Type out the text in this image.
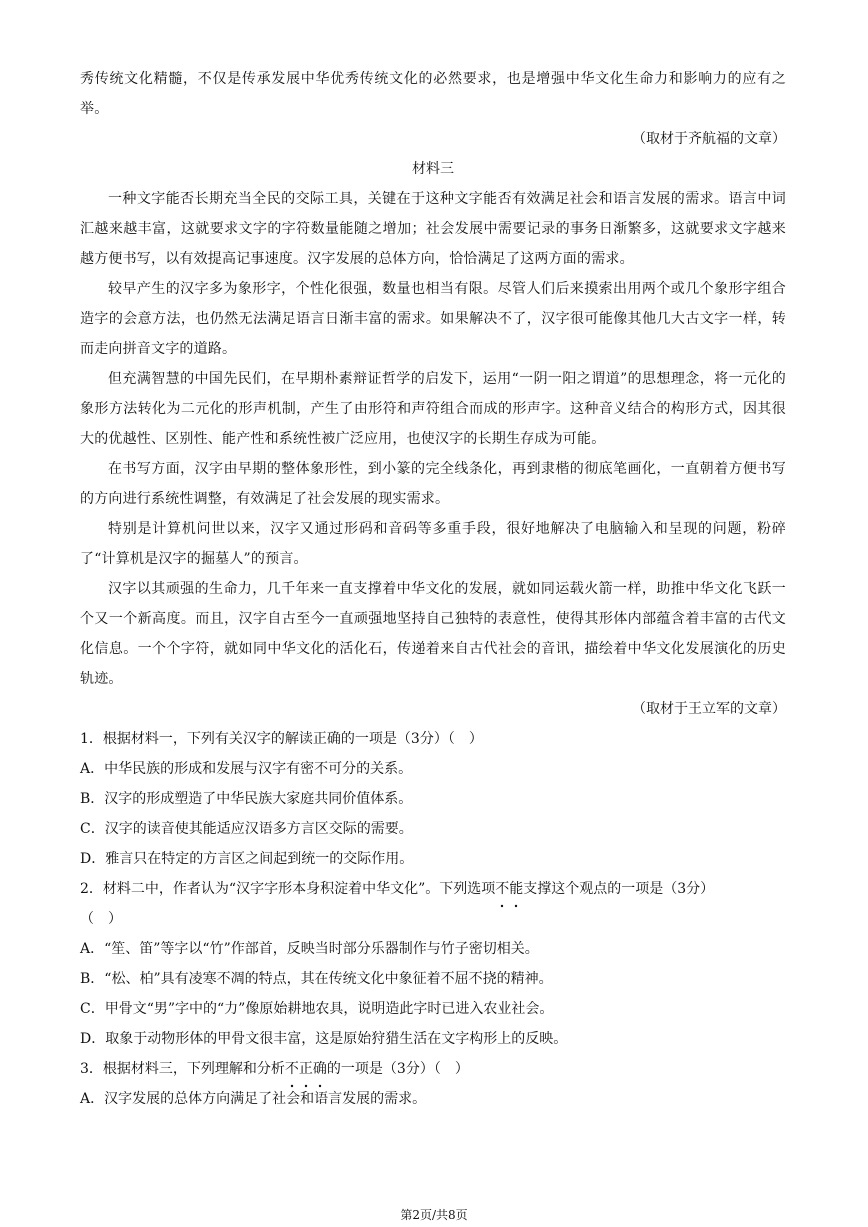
秀传统文化精髓，不仅是传承发展中华优秀传统文化的必然要求，也是增强中华文化生命力和影响力的应有之举。

（取材于齐航福的文章）

材料三

一种文字能否长期充当全民的交际工具，关键在于这种文字能否有效满足社会和语言发展的需求。语言中词汇越来越丰富，这就要求文字的字符数量能随之增加；社会发展中需要记录的事务日渐繁多，这就要求文字越来越方便书写，以有效提高记事速度。汉字发展的总体方向，恰恰满足了这两方面的需求。

较早产生的汉字多为象形字，个性化很强，数量也相当有限。尽管人们后来摸索出用两个或几个象形字组合造字的会意方法，也仍然无法满足语言日渐丰富的需求。如果解决不了，汉字很可能像其他几大古文字一样，转而走向拼音文字的道路。

但充满智慧的中国先民们，在早期朴素辩证哲学的启发下，运用“一阴一阳之谓道”的思想理念，将一元化的象形方法转化为二元化的形声机制，产生了由形符和声符组合而成的形声字。这种音义结合的构形方式，因其很大的优越性、区别性、能产性和系统性被广泛应用，也使汉字的长期生存成为可能。

在书写方面，汉字由早期的整体象形性，到小篆的完全线条化，再到隶楷的彻底笔画化，一直朝着方便书写的方向进行系统性调整，有效满足了社会发展的现实需求。

特别是计算机问世以来，汉字又通过形码和音码等多重手段，很好地解决了电脑输入和呈现的问题，粉碎了“计算机是汉字的掘墓人”的预言。

汉字以其顽强的生命力，几千年来一直支撑着中华文化的发展，就如同运载火箭一样，助推中华文化飞跃一个又一个新高度。而且，汉字自古至今一直顽强地坚持自己独特的表意性，使得其形体内部蕴含着丰富的古代文化信息。一个个字符，就如同中华文化的活化石，传递着来自古代社会的音讯，描绘着中华文化发展演化的历史轨迹。

（取材于王立军的文章）

1．根据材料一，下列有关汉字的解读正确的一项是（3分）（　）

A．中华民族的形成和发展与汉字有密不可分的关系。

B．汉字的形成塑造了中华民族大家庭共同价值体系。

C．汉字的读音使其能适应汉语多方言区交际的需要。

D．雅言只在特定的方言区之间起到统一的交际作用。

2．材料二中，作者认为“汉字字形本身积淀着中华文化”。下列选项不能
支撑这个观点的一项是（3分）

（　）

A．“笙、笛”等字以“竹”作部首，反映当时部分乐器制作与竹子密切相关。

B．“松、柏”具有凌寒不凋的特点，其在传统文化中象征着不屈不挠的精神。

C．甲骨文“男”字中的“力”像原始耕地农具，说明造此字时已进入农业社会。

D．取象于动物形体的甲骨文很丰富，这是原始狩猎生活在文字构形上的反映。

3．根据材料三，下列理解和分析不正确
的一项是（3分）（　）

A．汉字发展的总体方向满足了社会和语言发展的需求。

第2页/共8页
